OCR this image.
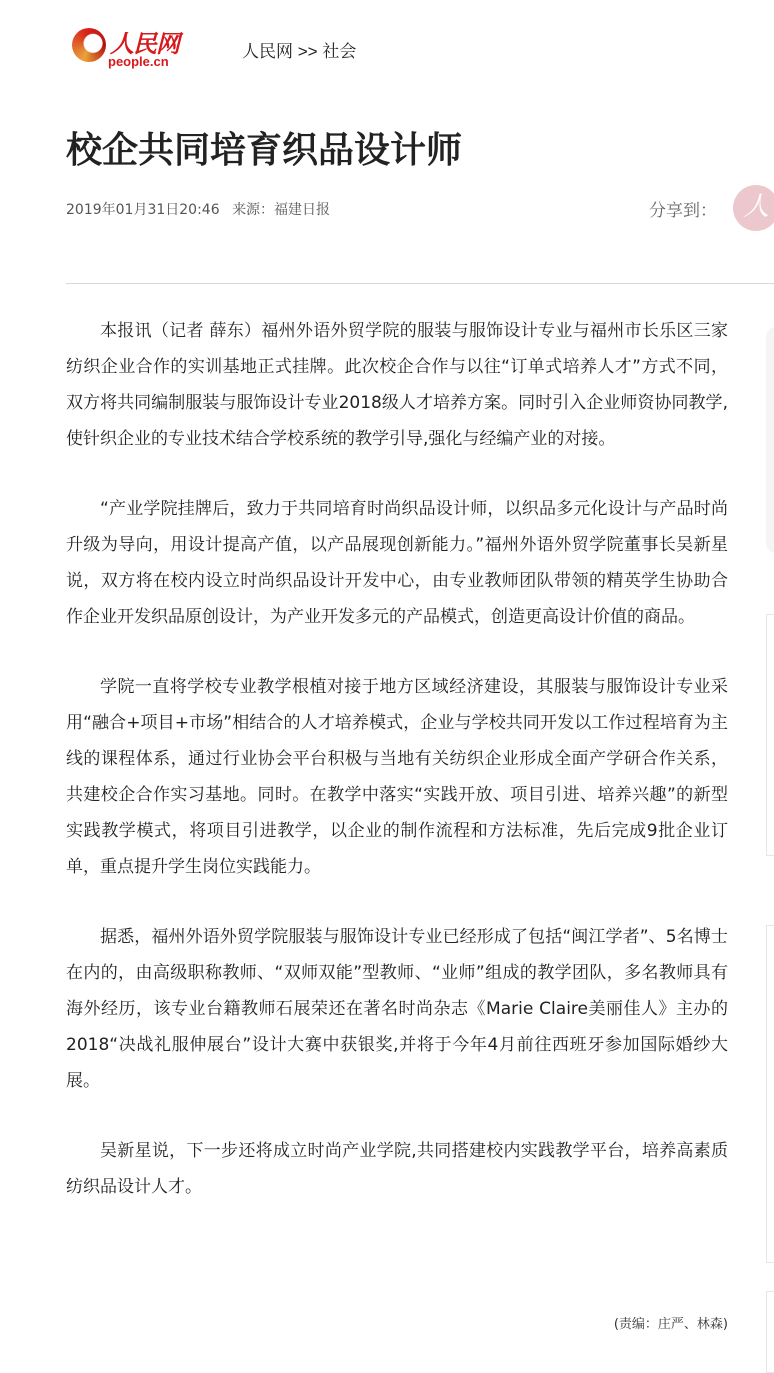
人民网
people.cn
人民网 >> 社会
校企共同培育织品设计师
2019年01月31日20:46 来源：福建日报	分享到： 人

本报讯（记者 薛东）福州外语外贸学院的服装与服饰设计专业与福州市长乐区三家纺织企业合作的实训基地正式挂牌。此次校企合作与以往“订单式培养人才”方式不同，双方将共同编制服装与服饰设计专业2018级人才培养方案。同时引入企业师资协同教学,使针织企业的专业技术结合学校系统的教学引导,强化与经编产业的对接。

“产业学院挂牌后，致力于共同培育时尚织品设计师，以织品多元化设计与产品时尚升级为导向，用设计提高产值，以产品展现创新能力。”福州外语外贸学院董事长吴新星说，双方将在校内设立时尚织品设计开发中心，由专业教师团队带领的精英学生协助合作企业开发织品原创设计，为产业开发多元的产品模式，创造更高设计价值的商品。

学院一直将学校专业教学根植对接于地方区域经济建设，其服装与服饰设计专业采用“融合+项目+市场”相结合的人才培养模式，企业与学校共同开发以工作过程培育为主线的课程体系，通过行业协会平台积极与当地有关纺织企业形成全面产学研合作关系，共建校企合作实习基地。同时。在教学中落实“实践开放、项目引进、培养兴趣”的新型实践教学模式，将项目引进教学，以企业的制作流程和方法标准，先后完成9批企业订单，重点提升学生岗位实践能力。

据悉，福州外语外贸学院服装与服饰设计专业已经形成了包括“闽江学者”、5名博士在内的，由高级职称教师、“双师双能”型教师、“业师”组成的教学团队，多名教师具有海外经历，该专业台籍教师石展荣还在著名时尚杂志《Marie Claire美丽佳人》主办的2018“决战礼服伸展台”设计大赛中获银奖,并将于今年4月前往西班牙参加国际婚纱大展。

吴新星说，下一步还将成立时尚产业学院,共同搭建校内实践教学平台，培养高素质纺织品设计人才。

(责编：庄严、林森)
